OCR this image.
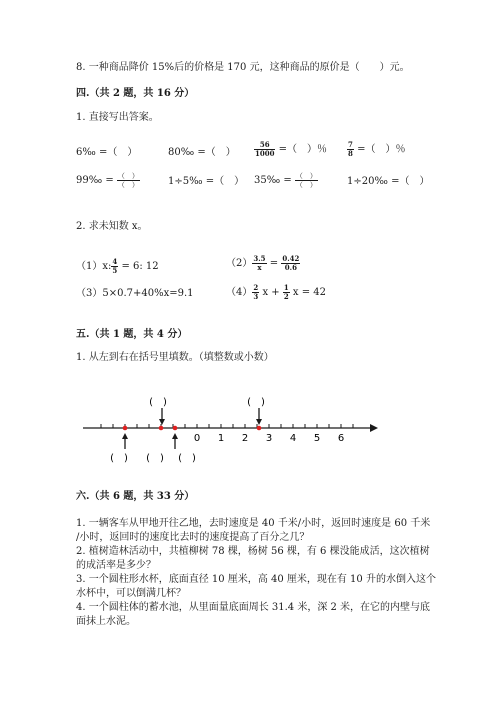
8. 一种商品降价 15%后的价格是 170 元，这种商品的原价是（　　）元。
四.（共 2 题，共 16 分）
1. 直接写出答案。
6‰ =（　）	80‰ =（　）	$\frac{56}{1000}$ =（　）％	$\frac{7}{8}$ =（　）％
99‰ = $\frac{( )}{( )}$	1÷5‰ =（　） 35‰ = $\frac{( )}{( )}$	1÷20‰ =（　）
2. 求未知数 x。
（1）x: $\frac{4}{5} = 6$: 12	$(2) \frac{3.5}{x} = \frac{0.42}{0.6}$
（3）5×0.7+40%x=9.1	$(4) \frac{2}{3}$ $x + \frac{1}{2}$ x = 42
五.（共 1 题，共 4 分）
1. 从左到右在括号里填数。（填整数或小数）
(　)	(　)
0 1 2 3 4 5 6
(　) (　) (　)
六.（共 6 题，共 33 分）
1. 一辆客车从甲地开往乙地，去时速度是 40 千米/小时，返回时速度是 60 千米
/小时，返回时的速度比去时的速度提高了百分之几？
2. 植树造林活动中，共植柳树 78 棵，杨树 56 棵，有 6 棵没能成活，这次植树
的成活率是多少？
3. 一个圆柱形水杯，底面直径 10 厘米，高 40 厘米，现在有 10 升的水倒入这个
水杯中，可以倒满几杯？
4. 一个圆柱体的蓄水池，从里面量底面周长 31.4 米，深 2 米，在它的内壁与底
面抹上水泥。
